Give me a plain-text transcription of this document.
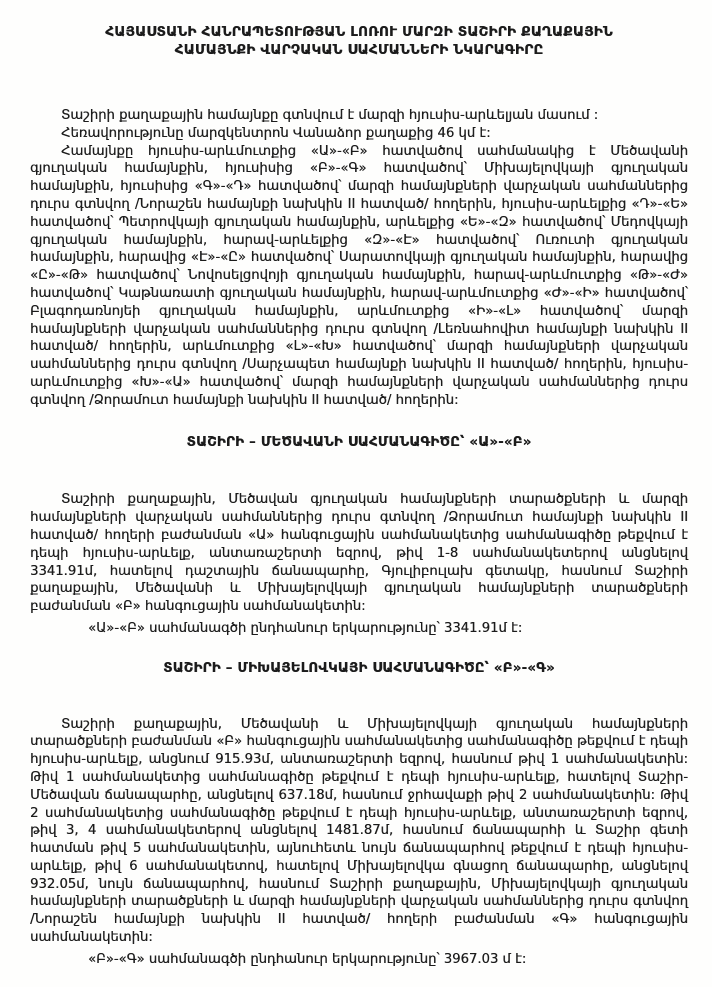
ՀԱՅԱՍՏԱՆԻ ՀԱՆՐԱՊԵՏՈՒԹՅԱՆ ԼՈՌՈՒ ՄԱՐԶԻ ՏԱՇԻՐԻ ՔԱՂԱՔԱՅԻՆ
ՀԱՄԱՅՆՔԻ ՎԱՐՉԱԿԱՆ ՍԱՀՄԱՆՆԵՐԻ ՆԿԱՐԱԳԻՐԸ

Տաշիրի քաղաքային համայնքը գտնվում է մարզի հյուսիս-արևելյան մասում :

Հեռավորությունը մարզկենտրոն Վանաձոր քաղաքից 46 կմ է:

Համայնքը հյուսիս-արևմուտքից «Ա»-«Բ» հատվածով սահմանակից է Մեծավանի գյուղական համայնքին, հյուսիսից «Բ»-«Գ» հատվածով՝ Միխայելովկայի գյուղական համայնքին, հյուսիսից «Գ»-«Դ» հատվածով՝ մարզի համայնքների վարչական սահմաններից դուրս գտնվող /Նորաշեն համայնքի նախկին II հատված/ հողերին, հյուսիս-արևելքից «Դ»-«Ե» հատվածով՝ Պետրովկայի գյուղական համայնքին, արևելքից «Ե»-«Զ» հատվածով՝ Մեդովկայի գյուղական համայնքին, հարավ-արևելքից «Զ»-«Է» հատվածով՝ Ուռուտի գյուղական համայնքին, հարավից «Է»-«Ը» հատվածով՝ Սարատովկայի գյուղական համայնքին, հարավից «Ը»-«Թ» հատվածով՝ Նովոսելցովոյի գյուղական համայնքին, հարավ-արևմուտքից «Թ»-«Ժ» հատվածով՝ Կաթնառատի գյուղական համայնքին, հարավ-արևմուտքից «Ժ»-«Ի» հատվածով՝ Բլագոդառնոյեի գյուղական համայնքին, արևմուտքից «Ի»-«Լ» հատվածով՝ մարզի համայնքների վարչական սահմաններից դուրս գտնվող /Լեռնահովիտ համայնքի նախկին II հատված/ հողերին, արևմուտքից «Լ»-«Խ» հատվածով՝ մարզի համայնքների վարչական սահմաններից դուրս գտնվող /Սարչապետ համայնքի նախկին II հատված/ հողերին, հյուսիս-արևմուտքից «Խ»-«Ա» հատվածով՝ մարզի համայնքների վարչական սահմաններից դուրս գտնվող /Ձորամուտ համայնքի նախկին II հատված/ հողերին:

ՏԱՇԻՐԻ – ՄԵԾԱՎԱՆԻ ՍԱՀՄԱՆԱԳԻԾԸ՝ «Ա»-«Բ»

Տաշիրի քաղաքային, Մեծավան գյուղական համայնքների տարածքների և մարզի համայնքների վարչական սահմաններից դուրս գտնվող /Ձորամուտ համայնքի նախկին II հատված/ հողերի բաժանման «Ա» հանգուցային սահմանակետից սահմանագիծը թեքվում է դեպի հյուսիս-արևելք, անտառաշերտի եզրով, թիվ 1-8 սահմանակետերով անցնելով 3341.91մ, հատելով դաշտային ճանապարհը, Գյուլիբուլախ գետակը, հասնում Տաշիրի քաղաքային, Մեծավանի և Միխայելովկայի գյուղական համայնքների տարածքների բաժանման «Բ» հանգուցային սահմանակետին:

«Ա»-«Բ» սահմանագծի ընդհանուր երկարությունը՝ 3341.91մ է:

ՏԱՇԻՐԻ – ՄԻԽԱՅԵԼՈՎԿԱՅԻ ՍԱՀՄԱՆԱԳԻԾԸ՝ «Բ»-«Գ»

Տաշիրի քաղաքային, Մեծավանի և Միխայելովկայի գյուղական համայնքների տարածքների բաժանման «Բ» հանգուցային սահմանակետից սահմանագիծը թեքվում է դեպի հյուսիս-արևելք, անցնում 915.93մ, անտառաշերտի եզրով, հասնում թիվ 1 սահմանակետին: Թիվ 1 սահմանակետից սահմանագիծը թեքվում է դեպի հյուսիս-արևելք, հատելով Տաշիր-Մեծավան ճանապարհը, անցնելով 637.18մ, հասնում ջրհավաքի թիվ 2 սահմանակետին: Թիվ 2 սահմանակետից սահմանագիծը թեքվում է դեպի հյուսիս-արևելք, անտառաշերտի եզրով, թիվ 3, 4 սահմանակետերով անցնելով 1481.87մ, հասնում ճանապարհի և Տաշիր գետի հատման թիվ 5 սահմանակետին, այնուհետև նույն ճանապարհով թեքվում է դեպի հյուսիս-արևելք, թիվ 6 սահմանակետով, հատելով Միխայելովկա գնացող ճանապարհը, անցնելով 932.05մ, նույն ճանապարհով, հասնում Տաշիրի քաղաքային, Միխայելովկայի գյուղական համայնքների տարածքների և մարզի համայնքների վարչական սահմաններից դուրս գտնվող /Նորաշեն համայնքի նախկին II հատված/ հողերի բաժանման «Գ» հանգուցային սահմանակետին:

«Բ»-«Գ» սահմանագծի ընդհանուր երկարությունը՝ 3967.03 մ է:
